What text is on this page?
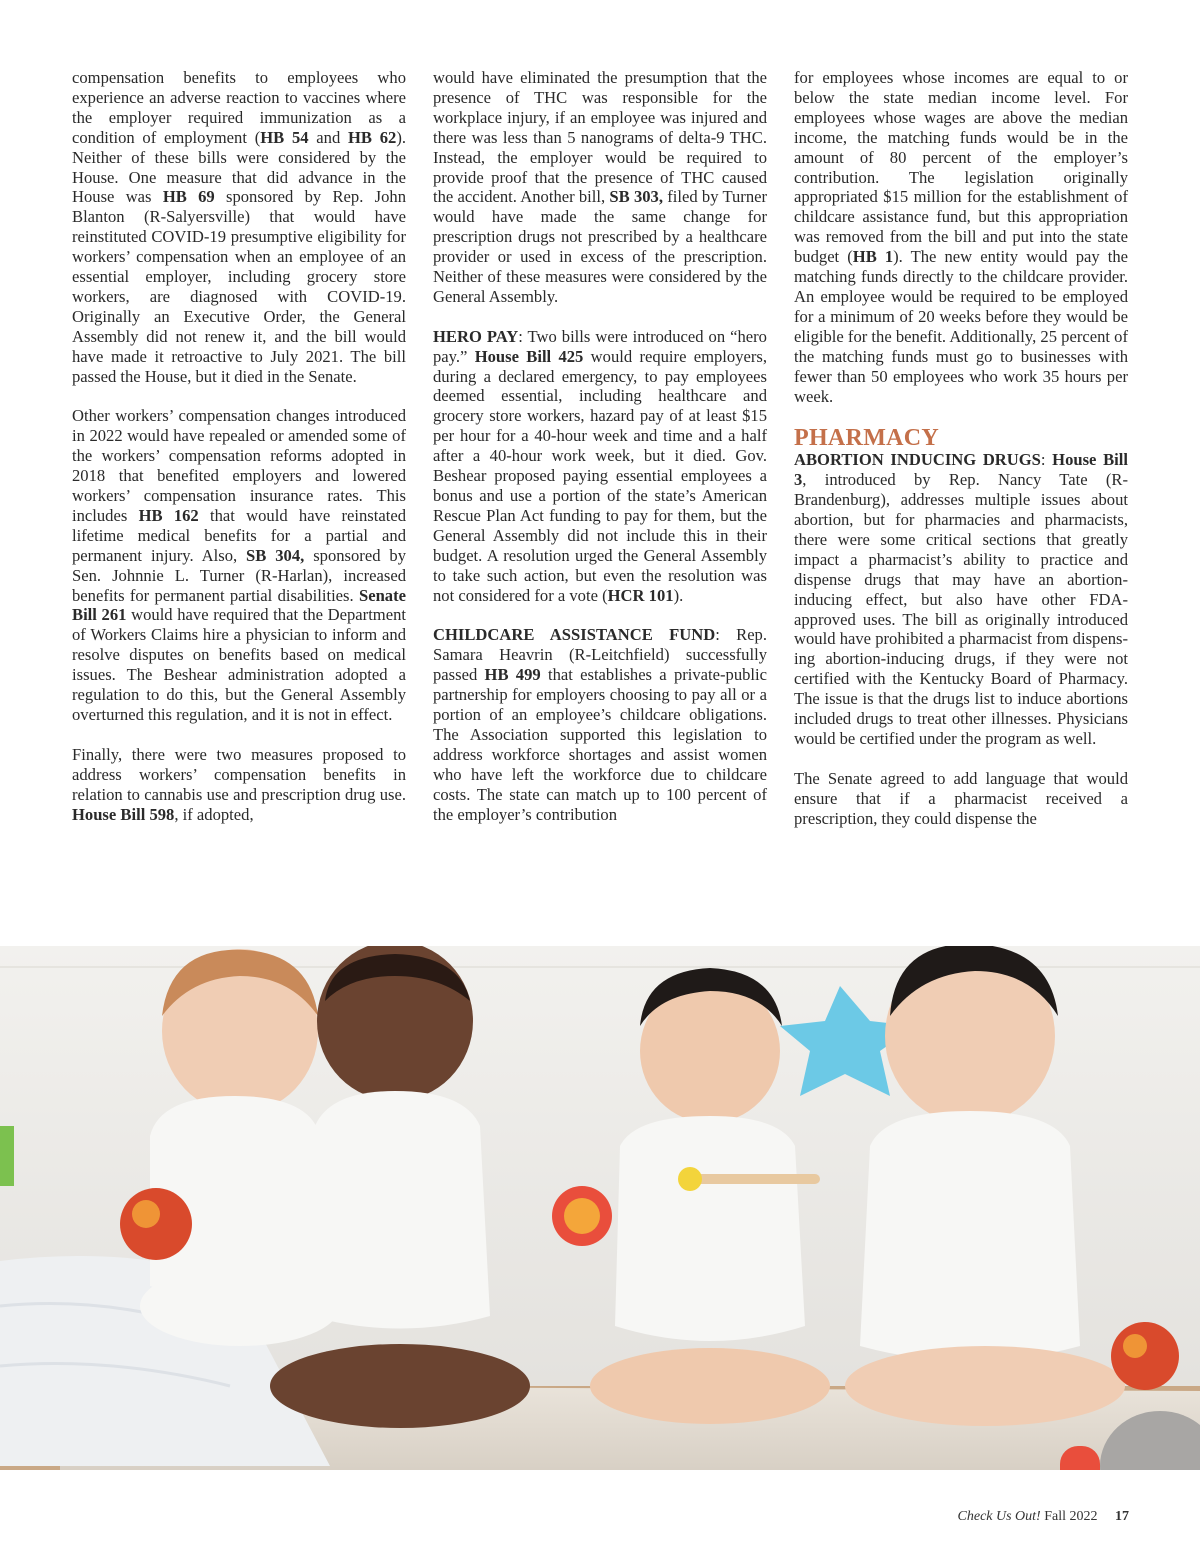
compensation benefits to employees who experience an adverse reaction to vaccines where the employer required immunization as a condition of employment (HB 54 and HB 62). Neither of these bills were considered by the House. One measure that did advance in the House was HB 69 sponsored by Rep. John Blanton (R-Salyersville) that would have reinstituted COVID-19 presumptive eligibility for workers’ compensation when an employee of an essential employer, including grocery store workers, are diagnosed with COVID-19. Originally an Executive Order, the General Assembly did not renew it, and the bill would have made it retroactive to July 2021. The bill passed the House, but it died in the Senate.

Other workers’ compensation changes introduced in 2022 would have repealed or amended some of the workers’ compensation reforms adopted in 2018 that benefited employers and lowered workers’ compensation insurance rates. This includes HB 162 that would have reinstated lifetime medical benefits for a partial and permanent injury. Also, SB 304, sponsored by Sen. Johnnie L. Turner (R-Harlan), increased benefits for permanent partial disabilities. Senate Bill 261 would have required that the Department of Workers Claims hire a physician to inform and resolve disputes on benefits based on medical issues. The Beshear administration adopted a regulation to do this, but the General Assembly overturned this regulation, and it is not in effect.

Finally, there were two measures proposed to address workers’ compensation benefits in relation to cannabis use and prescription drug use. House Bill 598, if adopted,

would have eliminated the presumption that the presence of THC was responsible for the workplace injury, if an employee was injured and there was less than 5 nanograms of delta-9 THC. Instead, the employer would be required to provide proof that the presence of THC caused the accident. Another bill, SB 303, filed by Turner would have made the same change for prescription drugs not prescribed by a healthcare provider or used in excess of the prescription. Neither of these measures were considered by the General Assembly.

HERO PAY: Two bills were introduced on “hero pay.” House Bill 425 would require employers, during a declared emergency, to pay employees deemed essential, including healthcare and grocery store workers, hazard pay of at least $15 per hour for a 40-hour week and time and a half after a 40-hour work week, but it died. Gov. Beshear proposed paying essential employees a bonus and use a portion of the state’s American Rescue Plan Act funding to pay for them, but the General Assembly did not include this in their budget. A resolution urged the General Assembly to take such action, but even the resolution was not considered for a vote (HCR 101).

CHILDCARE ASSISTANCE FUND: Rep. Samara Heavrin (R-Leitchfield) successfully passed HB 499 that establishes a private-public partnership for employers choosing to pay all or a portion of an employee’s childcare obligations. The Association supported this legislation to address workforce shortages and assist women who have left the workforce due to childcare costs. The state can match up to 100 percent of the employer’s contribution

for employees whose incomes are equal to or below the state median income level. For employees whose wages are above the median income, the matching funds would be in the amount of 80 percent of the employer’s contribution. The legislation originally appropriated $15 million for the establishment of childcare assistance fund, but this appropriation was removed from the bill and put into the state budget (HB 1). The new entity would pay the matching funds directly to the childcare provider. An employee would be required to be employed for a minimum of 20 weeks before they would be eligible for the benefit. Additionally, 25 percent of the matching funds must go to businesses with fewer than 50 employees who work 35 hours per week.

PHARMACY

ABORTION INDUCING DRUGS: House Bill 3, introduced by Rep. Nancy Tate (R-Brandenburg), addresses multiple issues about abortion, but for pharmacies and pharmacists, there were some critical sections that greatly impact a pharmacist’s ability to practice and dispense drugs that may have an abortion-inducing effect, but also have other FDA-approved uses. The bill as originally introduced would have prohibited a pharmacist from dispensing abortion-inducing drugs, if they were not certified with the Kentucky Board of Pharmacy. The issue is that the drugs list to induce abortions included drugs to treat other illnesses. Physicians would be certified under the program as well.

The Senate agreed to add language that would ensure that if a pharmacist received a prescription, they could dispense the

Check Us Out! Fall 2022 17
